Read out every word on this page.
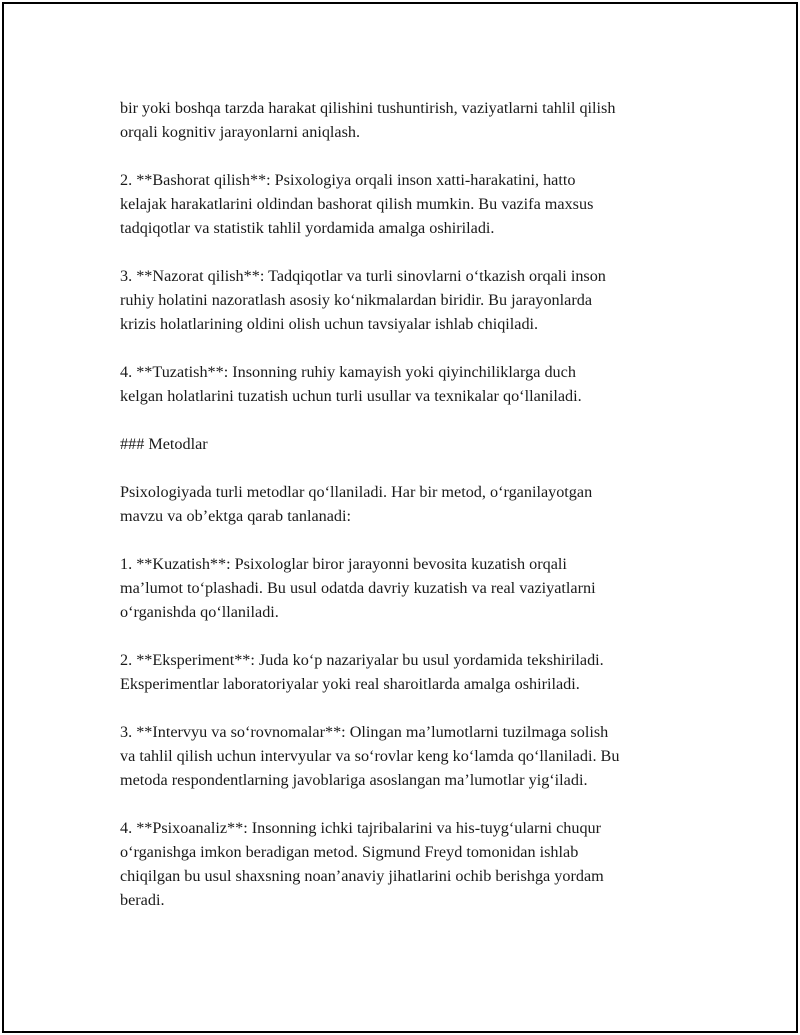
bir yoki boshqa tarzda harakat qilishini tushuntirish, vaziyatlarni tahlil qilish
orqali kognitiv jarayonlarni aniqlash.

2. **Bashorat qilish**: Psixologiya orqali inson xatti-harakatini, hatto
kelajak harakatlarini oldindan bashorat qilish mumkin. Bu vazifa maxsus
tadqiqotlar va statistik tahlil yordamida amalga oshiriladi.

3. **Nazorat qilish**: Tadqiqotlar va turli sinovlarni o‘tkazish orqali inson
ruhiy holatini nazoratlash asosiy ko‘nikmalardan biridir. Bu jarayonlarda
krizis holatlarining oldini olish uchun tavsiyalar ishlab chiqiladi.

4. **Tuzatish**: Insonning ruhiy kamayish yoki qiyinchiliklarga duch
kelgan holatlarini tuzatish uchun turli usullar va texnikalar qo‘llaniladi.

### Metodlar

Psixologiyada turli metodlar qo‘llaniladi. Har bir metod, o‘rganilayotgan
mavzu va ob’ektga qarab tanlanadi:

1. **Kuzatish**: Psixologlar biror jarayonni bevosita kuzatish orqali
ma’lumot to‘plashadi. Bu usul odatda davriy kuzatish va real vaziyatlarni
o‘rganishda qo‘llaniladi.

2. **Eksperiment**: Juda ko‘p nazariyalar bu usul yordamida tekshiriladi.
Eksperimentlar laboratoriyalar yoki real sharoitlarda amalga oshiriladi.

3. **Intervyu va so‘rovnomalar**: Olingan ma’lumotlarni tuzilmaga solish
va tahlil qilish uchun intervyular va so‘rovlar keng ko‘lamda qo‘llaniladi. Bu
metoda respondentlarning javoblariga asoslangan ma’lumotlar yig‘iladi.

4. **Psixoanaliz**: Insonning ichki tajribalarini va his-tuyg‘ularni chuqur
o‘rganishga imkon beradigan metod. Sigmund Freyd tomonidan ishlab
chiqilgan bu usul shaxsning noan’anaviy jihatlarini ochib berishga yordam
beradi.
